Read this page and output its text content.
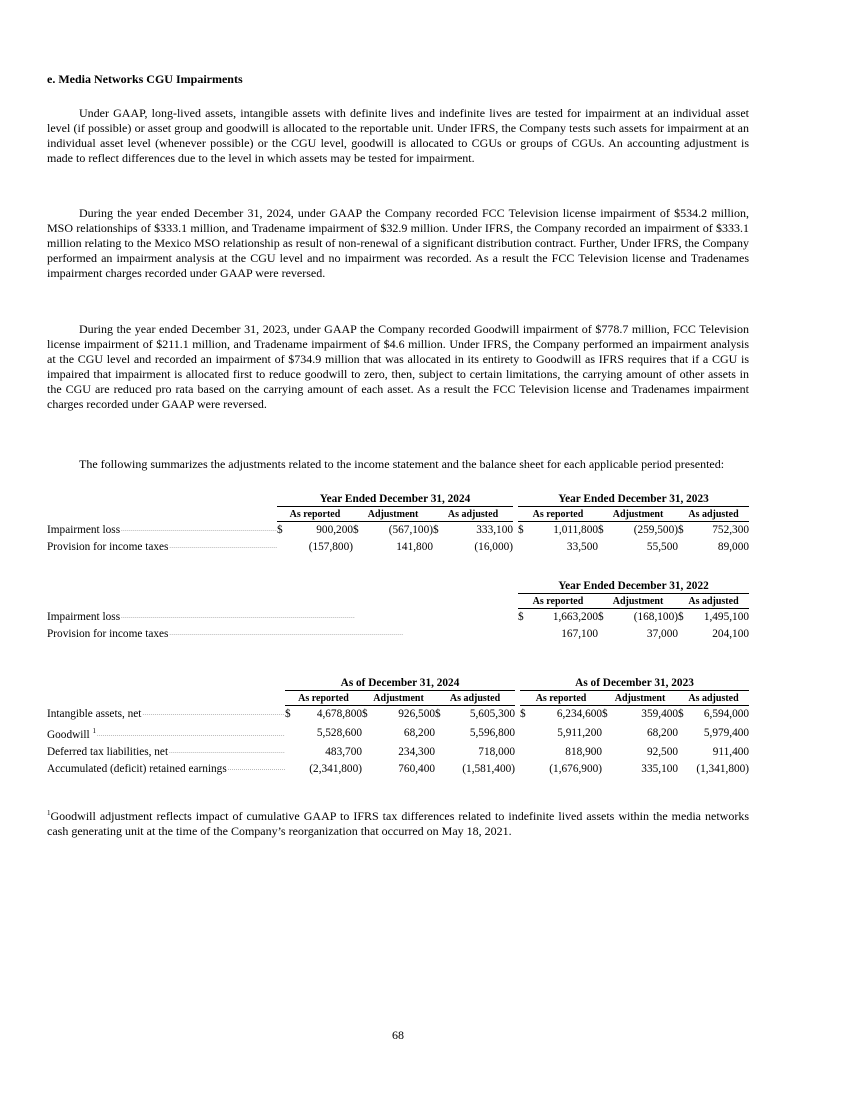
e. Media Networks CGU Impairments

Under GAAP, long-lived assets, intangible assets with definite lives and indefinite lives are tested for impairment at an individual asset level (if possible) or asset group and goodwill is allocated to the reportable unit. Under IFRS, the Company tests such assets for impairment at an individual asset level (whenever possible) or the CGU level, goodwill is allocated to CGUs or groups of CGUs. An accounting adjustment is made to reflect differences due to the level in which assets may be tested for impairment.

During the year ended December 31, 2024, under GAAP the Company recorded FCC Television license impairment of $534.2 million, MSO relationships of $333.1 million, and Tradename impairment of $32.9 million. Under IFRS, the Company recorded an impairment of $333.1 million relating to the Mexico MSO relationship as result of non-renewal of a significant distribution contract. Further, Under IFRS, the Company performed an impairment analysis at the CGU level and no impairment was recorded. As a result the FCC Television license and Tradenames impairment charges recorded under GAAP were reversed.

During the year ended December 31, 2023, under GAAP the Company recorded Goodwill impairment of $778.7 million, FCC Television license impairment of $211.1 million, and Tradename impairment of $4.6 million. Under IFRS, the Company performed an impairment analysis at the CGU level and recorded an impairment of $734.9 million that was allocated in its entirety to Goodwill as IFRS requires that if a CGU is impaired that impairment is allocated first to reduce goodwill to zero, then, subject to certain limitations, the carrying amount of other assets in the CGU are reduced pro rata based on the carrying amount of each asset. As a result the FCC Television license and Tradenames impairment charges recorded under GAAP were reversed.

The following summarizes the adjustments related to the income statement and the balance sheet for each applicable period presented:

	Year Ended December 31, 2024				Year Ended December 31, 2023		
	As reported	Adjustment	As adjusted		As reported	Adjustment	As adjusted

Impairment loss . . .	$ 900,200	$ (567,100)	$ 333,100		$ 1,011,800	$ (259,500)	$ 752,300

Provision for income taxes . . .	(157,800)	141,800	(16,000)		33,500	55,500	89,000
		Year Ended December 31, 2022		
		As reported	Adjustment	As adjusted

Impairment loss . . .		$ 1,663,200	$ (168,100)	$ 1,495,100

Provision for income taxes . . .		167,100	37,000	204,100
	As of December 31, 2024				As of December 31, 2023		
	As reported	Adjustment	As adjusted		As reported	Adjustment	As adjusted

Intangible assets, net . . .	$ 4,678,800	$ 926,500	$ 5,605,300		$ 6,234,600	$ 359,400	$ 6,594,000

Goodwill $^1$ . . .	5,528,600	68,200	5,596,800		5,911,200	68,200	5,979,400

Deferred tax liabilities, net . . .	483,700	234,300	718,000		818,900	92,500	911,400

Accumulated (deficit) retained earnings . . .	(2,341,800)	760,400	(1,581,400)		(1,676,900)	335,100	(1,341,800)

$^1$Goodwill adjustment reflects impact of cumulative GAAP to IFRS tax differences related to indefinite lived assets within the media networks cash generating unit at the time of the Company’s reorganization that occurred on May 18, 2021.

68
